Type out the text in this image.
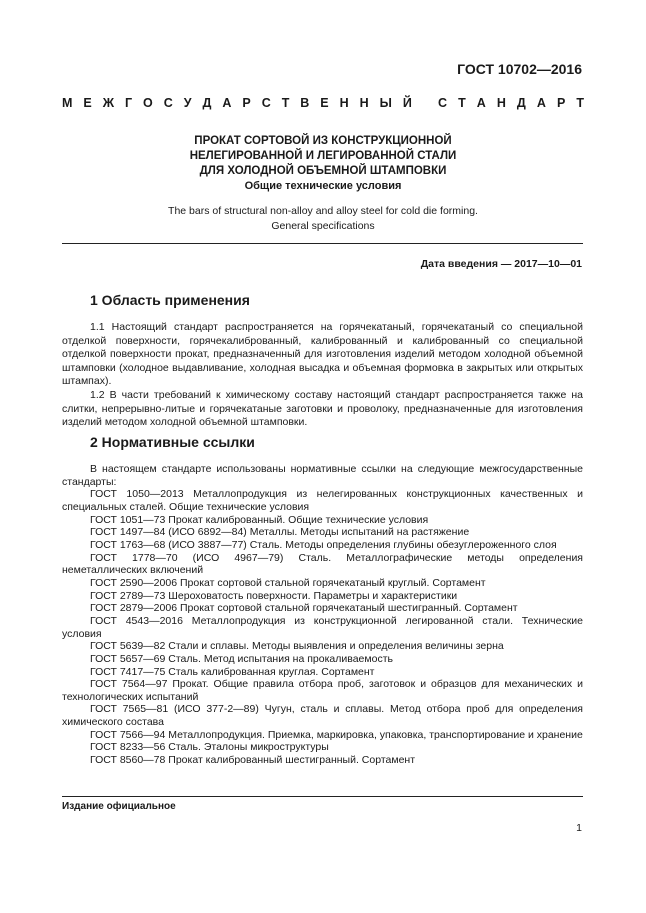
ГОСТ 10702—2016
М Е Ж Г О С У Д А Р С Т В Е Н Н Ы Й С Т А Н Д А Р Т
ПРОКАТ СОРТОВОЙ ИЗ КОНСТРУКЦИОННОЙ
НЕЛЕГИРОВАННОЙ И ЛЕГИРОВАННОЙ СТАЛИ
ДЛЯ ХОЛОДНОЙ ОБЪЕМНОЙ ШТАМПОВКИ
Общие технические условия
The bars of structural non-alloy and alloy steel for cold die forming.
General specifications
Дата введения — 2017—10—01
1 Область применения

1.1 Настоящий стандарт распространяется на горячекатаный, горячекатаный со специальной отделкой поверхности, горячекалиброванный, калиброванный и калиброванный со специальной отделкой поверхности прокат, предназначенный для изготовления изделий методом холодной объемной штамповки (холодное выдавливание, холодная высадка и объемная формовка в закрытых или открытых штампах).

1.2 В части требований к химическому составу настоящий стандарт распространяется также на слитки, непрерывно-литые и горячекатаные заготовки и проволоку, предназначенные для изготовления изделий методом холодной объемной штамповки.

2 Нормативные ссылки
В настоящем стандарте использованы нормативные ссылки на следующие межгосударственные стандарты:
ГОСТ 1050—2013 Металлопродукция из нелегированных конструкционных качественных и специальных сталей. Общие технические условия
ГОСТ 1051—73 Прокат калиброванный. Общие технические условия
ГОСТ 1497—84 (ИСО 6892—84) Металлы. Методы испытаний на растяжение
ГОСТ 1763—68 (ИСО 3887—77) Сталь. Методы определения глубины обезуглероженного слоя
ГОСТ 1778—70 (ИСО 4967—79) Сталь. Металлографические методы определения неметаллических включений
ГОСТ 2590—2006 Прокат сортовой стальной горячекатаный круглый. Сортамент
ГОСТ 2789—73 Шероховатость поверхности. Параметры и характеристики
ГОСТ 2879—2006 Прокат сортовой стальной горячекатаный шестигранный. Сортамент
ГОСТ 4543—2016 Металлопродукция из конструкционной легированной стали. Технические условия
ГОСТ 5639—82 Стали и сплавы. Методы выявления и определения величины зерна
ГОСТ 5657—69 Сталь. Метод испытания на прокаливаемость
ГОСТ 7417—75 Сталь калиброванная круглая. Сортамент
ГОСТ 7564—97 Прокат. Общие правила отбора проб, заготовок и образцов для механических и технологических испытаний
ГОСТ 7565—81 (ИСО 377-2—89) Чугун, сталь и сплавы. Метод отбора проб для определения химического состава
ГОСТ 7566—94 Металлопродукция. Приемка, маркировка, упаковка, транспортирование и хранение
ГОСТ 8233—56 Сталь. Эталоны микроструктуры
ГОСТ 8560—78 Прокат калиброванный шестигранный. Сортамент
Издание официальное
1
